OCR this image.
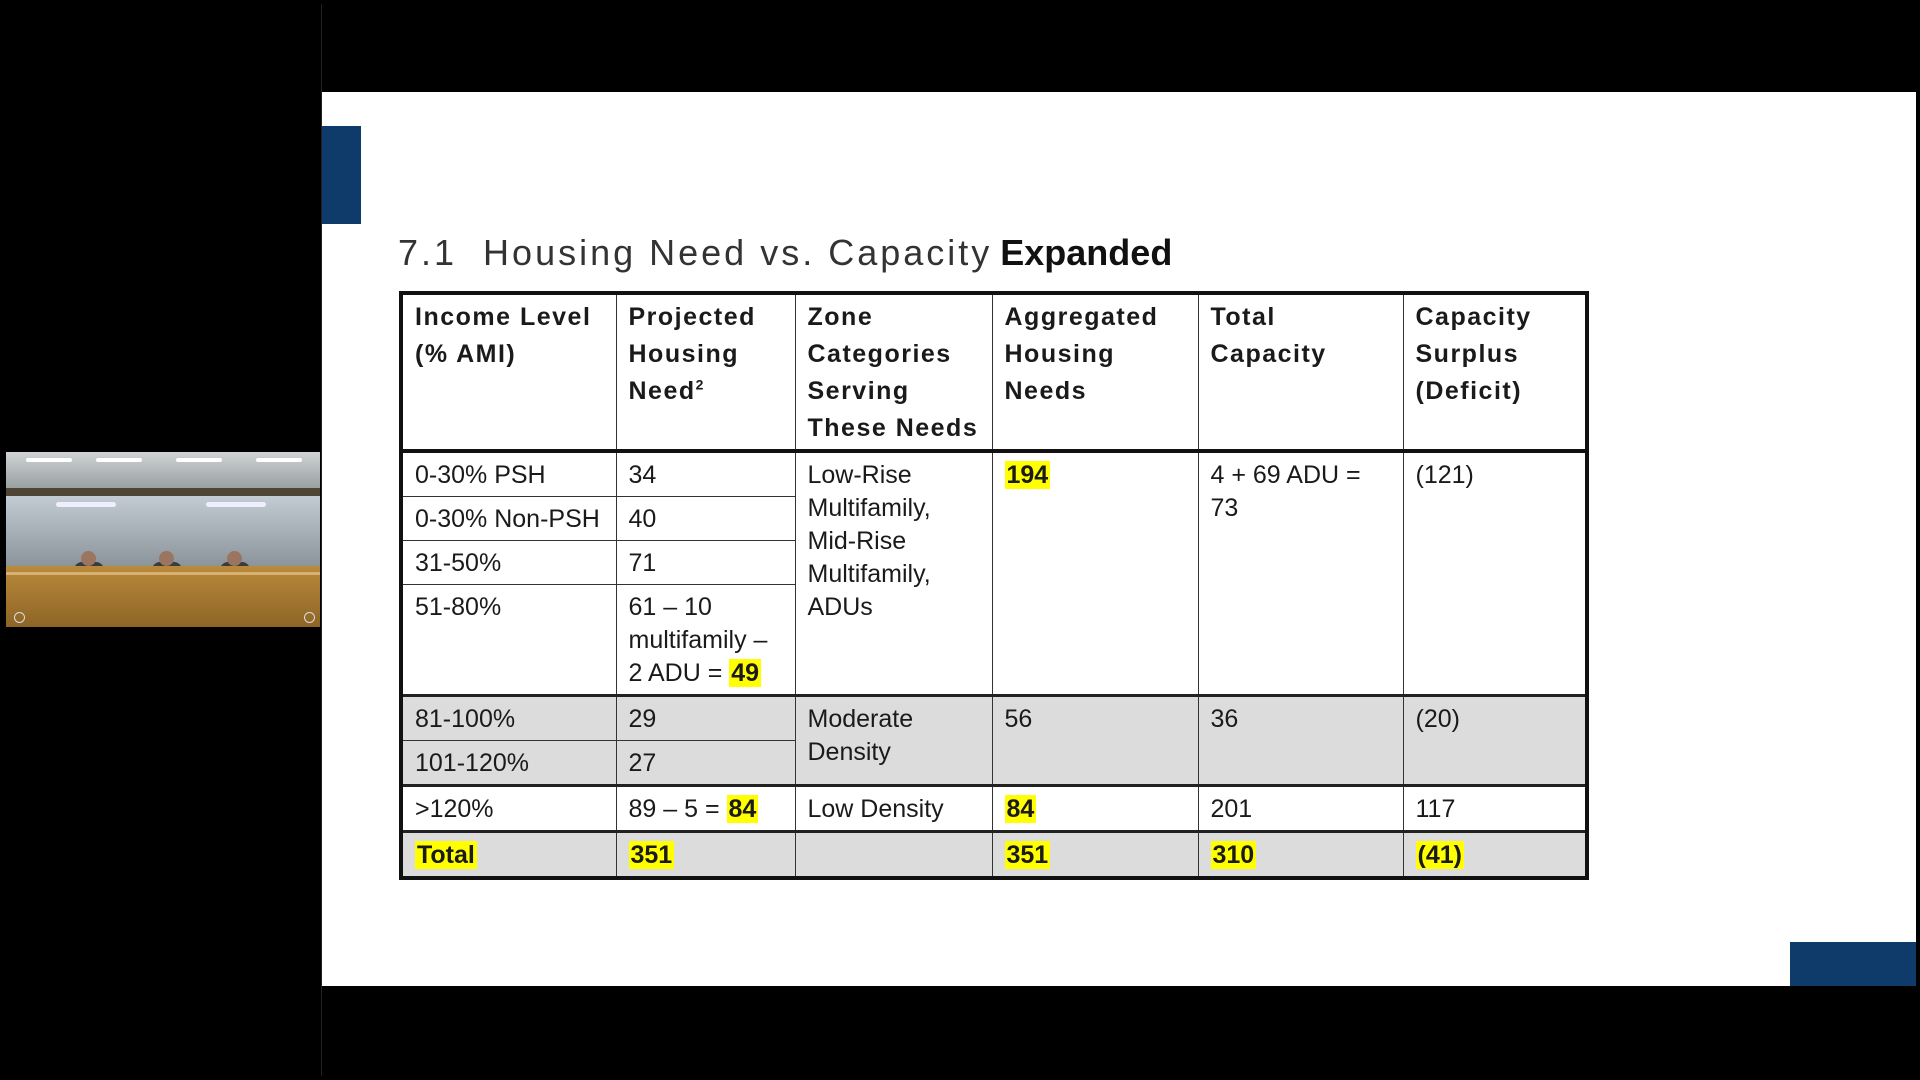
7.1  Housing Need vs. Capacity Expanded
Income Level (% AMI)	Projected Housing Need$^2$	Zone Categories Serving These Needs	Aggregated Housing Needs	Total Capacity	Capacity Surplus (Deficit)
0-30% PSH	34	Low-Rise Multifamily, Mid-Rise Multifamily, ADUs	194	4 + 69 ADU = 73	(121)
0-30% Non-PSH	40				
31-50%	71				
51-80%	61 – 10 multifamily – 2 ADU = 49				
81-100%	29	Moderate Density	56	36	(20)
101-120%	27				
>120%	89 – 5 = 84	Low Density	84	201	117
Total	351		351	310	(41)
